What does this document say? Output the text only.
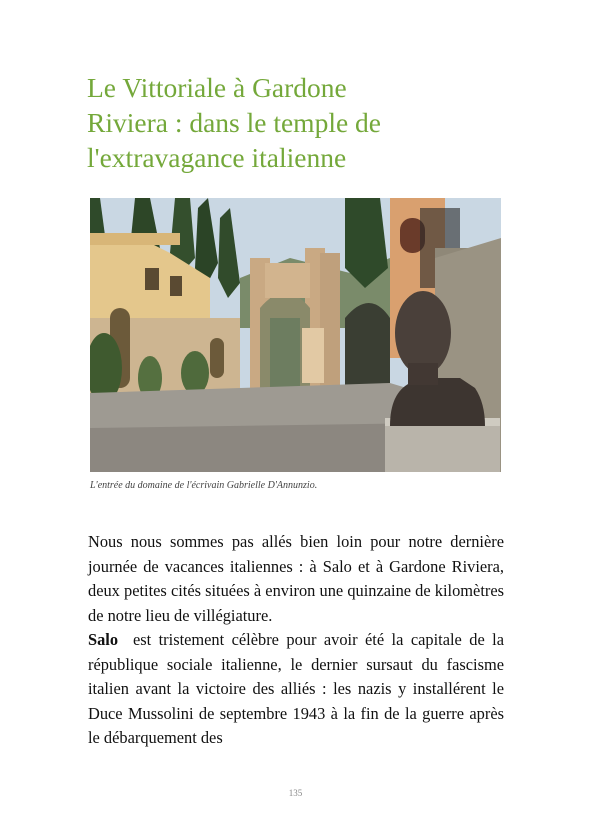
Le Vittoriale à Gardone
Riviera : dans le temple de
l'extravagance italienne
L'entrée du domaine de l'écrivain Gabrielle D'Annunzio.

Nous nous sommes pas allés bien loin pour notre dernière journée de vacances italiennes : à Salo et à Gardone Riviera, deux petites cités situées à environ une quinzaine de kilomètres de notre lieu de villégiature.

Salo  est tristement célèbre pour avoir été la capitale de la république sociale italienne, le dernier sursaut du fascisme italien avant la victoire des alliés : les nazis y installérent le Duce Mussolini de septembre 1943 à la fin de la guerre après le débarquement des

135
